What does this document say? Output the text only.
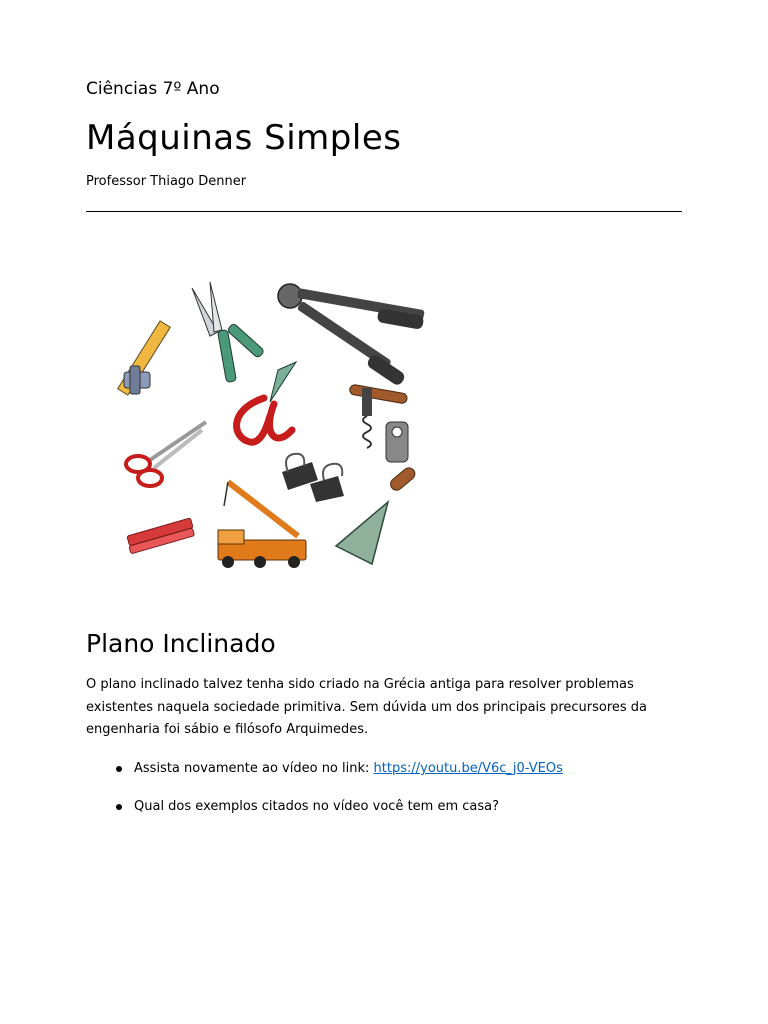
Ciências 7º Ano
Máquinas Simples
Professor Thiago Denner
Plano Inclinado
O plano inclinado talvez tenha sido criado na Grécia antiga para resolver problemas existentes naquela sociedade primitiva. Sem dúvida um dos principais precursores da engenharia foi sábio e filósofo Arquimedes.
Assista novamente ao vídeo no link: https://youtu.be/V6c_j0-VEOs
Qual dos exemplos citados no vídeo você tem em casa?
